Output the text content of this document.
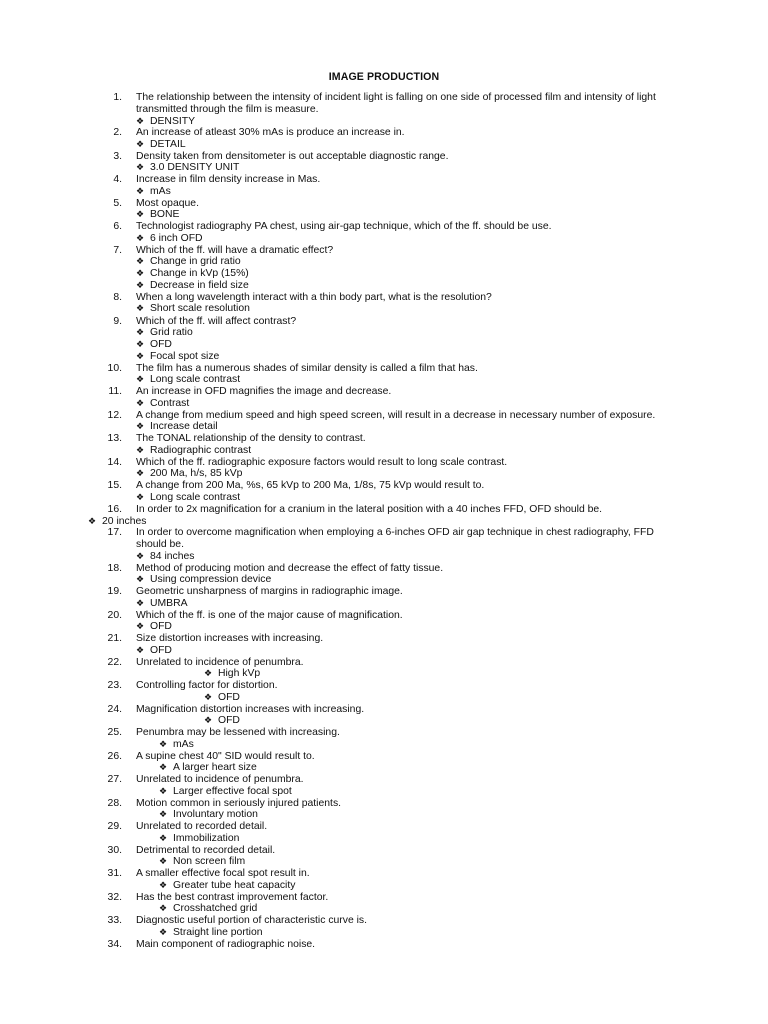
IMAGE PRODUCTION
1. The relationship between the intensity of incident light is falling on one side of processed film and intensity of light transmitted through the film is measure.
❖ DENSITY
2. An increase of atleast 30% mAs is produce an increase in.
❖ DETAIL
3. Density taken from densitometer is out acceptable diagnostic range.
❖ 3.0 DENSITY UNIT
4. Increase in film density increase in Mas.
❖ mAs
5. Most opaque.
❖ BONE
6. Technologist radiography PA chest, using air-gap technique, which of the ff. should be use.
❖ 6 inch OFD
7. Which of the ff. will have a dramatic effect?
❖ Change in grid ratio
❖ Change in kVp (15%)
❖ Decrease in field size
8. When a long wavelength interact with a thin body part, what is the resolution?
❖ Short scale resolution
9. Which of the ff. will affect contrast?
❖ Grid ratio
❖ OFD
❖ Focal spot size
10. The film has a numerous shades of similar density is called a film that has.
❖ Long scale contrast
11. An increase in OFD magnifies the image and decrease.
❖ Contrast
12. A change from medium speed and high speed screen, will result in a decrease in necessary number of exposure.
❖ Increase detail
13. The TONAL relationship of the density to contrast.
❖ Radiographic contrast
14. Which of the ff. radiographic exposure factors would result to long scale contrast.
❖ 200 Ma, h/s, 85 kVp
15. A change from 200 Ma, %s, 65 kVp to 200 Ma, 1/8s, 75 kVp would result to.
❖ Long scale contrast
16. In order to 2x magnification for a cranium in the lateral position with a 40 inches FFD, OFD should be.
❖ 20 inches
17. In order to overcome magnification when employing a 6-inches OFD air gap technique in chest radiography, FFD should be.
❖ 84 inches
18. Method of producing motion and decrease the effect of fatty tissue.
❖ Using compression device
19. Geometric unsharpness of margins in radiographic image.
❖ UMBRA
20. Which of the ff. is one of the major cause of magnification.
❖ OFD
21. Size distortion increases with increasing.
❖ OFD
22. Unrelated to incidence of penumbra.
❖ High kVp
23. Controlling factor for distortion.
❖ OFD
24. Magnification distortion increases with increasing.
❖ OFD
25. Penumbra may be lessened with increasing.
❖ mAs
26. A supine chest 40" SID would result to.
❖ A larger heart size
27. Unrelated to incidence of penumbra.
❖ Larger effective focal spot
28. Motion common in seriously injured patients.
❖ Involuntary motion
29. Unrelated to recorded detail.
❖ Immobilization
30. Detrimental to recorded detail.
❖ Non screen film
31. A smaller effective focal spot result in.
❖ Greater tube heat capacity
32. Has the best contrast improvement factor.
❖ Crosshatched grid
33. Diagnostic useful portion of characteristic curve is.
❖ Straight line portion
34. Main component of radiographic noise.
